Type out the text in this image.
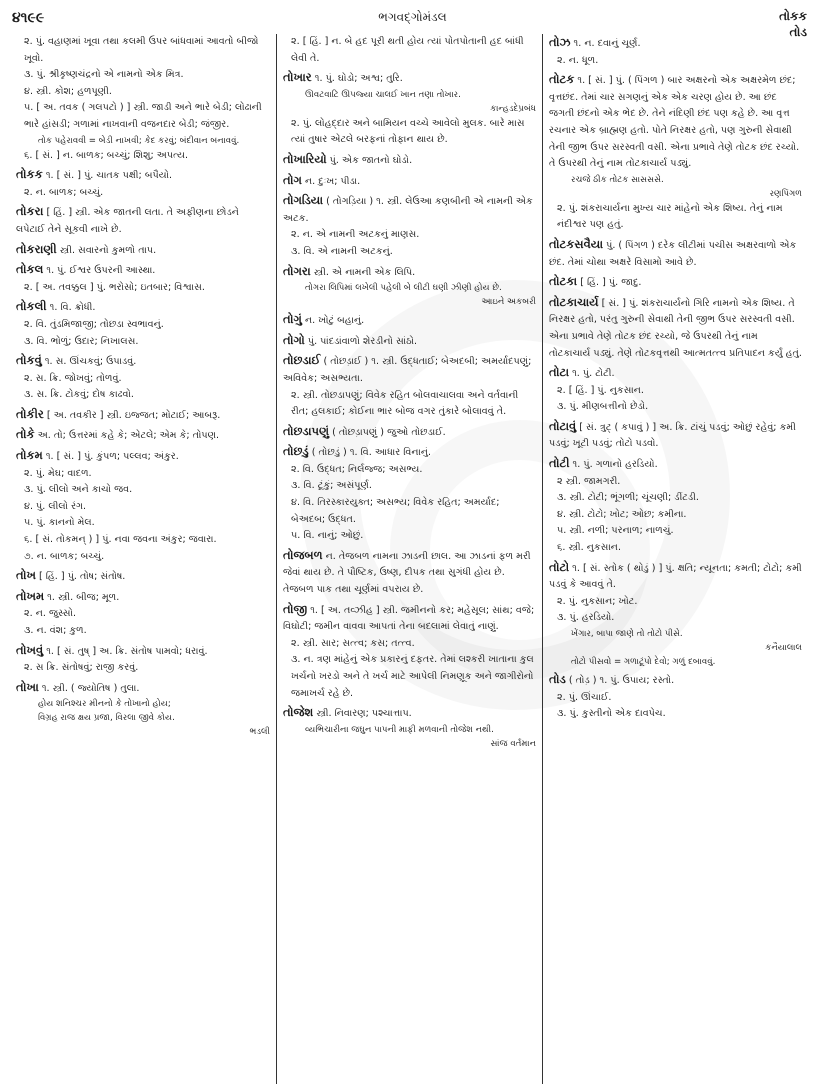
૪૧૯૯	ભગવદ્ગોમંડલ	તોકક
તોડ
૨. પું. વહાણમાં ખૂવા તથા કલમી ઉપર બાંધવામાં આવતો બીજો ખૂવો.
૩. પું. શ્રીકૃષ્ણચંદ્રનો એ નામનો એક મિત્ર.
૪. સ્ત્રી. કોશ; હળપૂણી.
૫. [ અ. તવક ( ગલપટો ) ] સ્ત્રી. જાડી અને ભારે બેડી; લોઢાની ભારે હાંસડી; ગળામાં નાખવાની વજનદાર બેડી; જંજીર.
તોક પહેરાવવી = બેડી નાખવી; કેદ કરવું; બંદીવાન બનાવવું.
૬. [ સં. ] ન. બાળક; બચ્ચું; શિશુ; અપત્ય.
તોકક ૧. [ સં. ] પું. ચાતક પક્ષી; બપૈયો.
૨. ન. બાળક; બચ્ચું.
તોકરા [ હિં. ] સ્ત્રી. એક જાતની લતા. તે અફીણના છોડને લપેટાઈ તેને સૂકવી નાખે છે.
તોકરાણી સ્ત્રી. સવારનો કુમળો તાપ.
તોકલ ૧. પું. ઈશ્વર ઉપરની આસ્થા.
૨. [ અ. તવક્કુલ ] પું. ભરોસો; ઇતબાર; વિશ્વાસ.
તોકલી ૧. વિ. ક્રોધી.
૨. વિ. તુંડમિજાજી; તોછડા સ્વભાવનું.
૩. વિ. ભોળું; ઉદાર; નિખાલસ.
તોકવું ૧. સ. ઊંચકવું; ઉપાડવું.
૨. સ. ક્રિ. જોખવું; તોળવું.
૩. સ. ક્રિ. ટોકવું; દોષ કાઢવો.
તોકીર [ અ. તવકીર ] સ્ત્રી. ઇજ્જત; મોટાઈ; આબરૂ.
તોકે અ. તો; ઉત્તરમાં કહે કે; એટલે; એમ કે; તોપણ.
તોકમ ૧. [ સં. ] પું. કુંપળ; પલ્લવ; અંકુર.
૨. પું. મેઘ; વાદળ.
૩. પું. લીલો અને કાચો જવ.
૪. પું. લીલો રંગ.
૫. પું. કાનનો મેલ.
૬. [ સં. તોકમન્ ) ] પું. નવા જવના અંકુર; જવારા.
૭. ન. બાળક; બચ્ચું.
તોખ [ હિં. ] પું. તોષ; સંતોષ.
તોખમ ૧. સ્ત્રી. બીજ; મૂળ.
૨. ન. જુસ્સો.
૩. ન. વંશ; કુળ.
તોખવું ૧. [ સં. તુષ્ ] અ. ક્રિ. સંતોષ પામવો; ધરાવું.
૨. સ ક્રિ. સંતોષવું; રાજી કરવું.
તોખા ૧. સ્ત્રી. ( જ્યોતિષ ) તુલા.
હોય શનિશ્ચર મીનનો કે તોખાનો હોય;
વિગ્રહ રાજ ક્ષય પ્રજા, વિરલા જીવે કોય.
ભડલી
૨. [ હિં. ] ન. બે હદ પૂરી થતી હોય ત્યાં પોતપોતાની હદ બાંધી લેવી તે.
તોખાર ૧. પું. ઘોડો; અશ્વ; તુરિ.
ઊવટવાટિ ઊપજ્યા ચાલઈ ખાન તણા તોખાર.
કાન્હડદેપ્રબંધ
૨. પું. લોહદ્દાર અને બામિયન વચ્ચે આવેલો મુલક. બારે માસ ત્યાં તુષાર એટલે બરફનાં તોફાન થાય છે.
તોખારિયો પું. એક જાતનો ઘોડો.
તોગ ન. દુઃખ; પીડા.
તોગડિયા ( તોગડ઼િયા ) ૧. સ્ત્રી. લેઉઆ કણબીની એ નામની એક અટક.
૨. ન. એ નામની અટકનું માણસ.
૩. વિ. એ નામની અટકનું.
તોગરા સ્ત્રી. એ નામની એક લિપિ.
તોગરા લિપિમાં લખેલી પહેલી બે લીટી ઘણી ઝીણી હોય છે.
આઇને અકબરી
તોગું ન. ખોટું બહાનું.
તોગો પું. પાંદડાંવાળો શેરડીનો સાંઠો.
તોછડાઈ ( તોછડ઼ાઈ ) ૧. સ્ત્રી. ઉદ્ધતાઈ; બેઅદબી; અમર્યાદપણું; અવિવેક; અસભ્યતા.
૨. સ્ત્રી. તોછડાપણું; વિવેક રહિત બોલવાચાલવા અને વર્તવાની રીત; હલકાઈ; કોઈના ભાર બોજ વગર તુંકારે બોલાવવું તે.
તોછડાપણું ( તોછડ઼ાપણું ) જુઓ તોછડાઈ.
તોછડું ( તોછડ઼ું ) ૧. વિ. આધાર વિનાનું.
૨. વિ. ઉદ્ધત; નિર્લજ્જ; અસભ્ય.
૩. વિ. ટૂંકું; અસંપૂર્ણ.
૪. વિ. તિરસ્કારયુક્ત; અસભ્ય; વિવેક રહિત; અમર્યાદ; બેઅદબ; ઉદ્ધત.
૫. વિ. નાનું; ઓછું.
તોજબળ ન. તેજબળ નામના ઝાડની છાલ. આ ઝાડનાં ફળ મરી જેવાં થાય છે. તે પૌષ્ટિક, ઉષ્ણ, દીપક તથા સુગંધી હોય છે. તેજબળ પાક તથા ચૂર્ણમાં વપરાય છે.
તોજી ૧. [ અ. તવ્ઝીહ ] સ્ત્રી. જમીનનો કર; મહેસૂલ; સાંથ; વજે; વિઘોટી; જમીન વાવવા આપતાં તેના બદલામાં લેવાતું નાણું.
૨. સ્ત્રી. સાર; સત્ત્વ; કસ; તત્ત્વ.
૩. ન. ત્રણ માંહેનું એક પ્રકારનું દફતર. તેમાં લશ્કરી ખાતાના કુલ ખર્ચનો ખરડો અને તે ખર્ચ માટે આપેલી નિમણૂક અને જાગીરોનો જમાખર્ચ રહે છે.
તોજેશ સ્ત્રી. નિવારણ; પશ્ચાત્તાપ.
વ્યભિચારીના જઘુન પાપની માફી મળવાની તોજેશ નથી.
સાંજ વર્તમાન
તોઝ ૧. ન. દવાનું ચૂર્ણ.
૨. ન. ધૂળ.
તોટક ૧. [ સં. ] પું. ( પિંગળ ) બાર અક્ષરનો એક અક્ષરમેળ છંદ; વૃત્તછંદ. તેમાં ચાર સગણનું એક એક ચરણ હોય છે. આ છંદ જગતી છંદનો એક ભેદ છે. તેને નંદિણી છંદ પણ કહે છે. આ વૃત્ત રચનાર એક બ્રાહ્મણ હતો. પોતે નિરક્ષર હતો, પણ ગુરુની સેવાથી તેની જીભ ઉપર સરસ્વતી વસી. એના પ્રભાવે તેણે તોટક છંદ રચ્યો. તે ઉપરથી તેનું નામ તોટકાચાર્ય પડ્યું.
રચજે ઠીક તોટક સાસસસે.
રણપિંગળ
૨. પું. શંકરાચાર્યના મુખ્ય ચાર માંહેનો એક શિષ્ય. તેનું નામ નંદીશ્વર પણ હતું.
તોટકસવૈયા પું. ( પિંગળ ) દરેક લીટીમાં પચીસ અક્ષરવાળો એક છંદ. તેમાં ચોથા અક્ષરે વિસામો આવે છે.
તોટકા [ હિં. ] પું. જાદુ.
તોટકાચાર્ય [ સં. ] પું. શંકરાચાર્યનો ગિરિ નામનો એક શિષ્ય. તે નિરક્ષર હતો, પરંતુ ગુરુની સેવાથી તેની જીભ ઉપર સરસ્વતી વસી. એના પ્રભાવે તેણે તોટક છંદ રચ્યો, જે ઉપરથી તેનું નામ તોટકાચાર્ય પડ્યું. તેણે તોટકવૃત્તથી આત્મતત્ત્વ પ્રતિપાદન કર્યું હતું.
તોટા ૧. પું. ટોટી.
૨. [ હિં. ] પું. નુકસાન.
૩. પું. મીણબત્તીનો છેડો.
તોટાવું [ સં. ત્રુટ્ ( કપાવું ) ] અ. ક્રિ. ટાંચું પડવું; ઓછું રહેવું; કમી પડવું; ખૂટી પડવું; તોટો પડવો.
તોટી ૧. પું. ગળાનો હરડિયો.
૨ સ્ત્રી. જામગરી.
૩. સ્ત્રી. ટોટી; ભૂંગળી; ચૂંચણી; ડીંટડી.
૪. સ્ત્રી. ટોટો; ખોટ; ઓછ; કમીના.
૫. સ્ત્રી. નળી; પરનાળ; નાળચું.
૬. સ્ત્રી. નુકસાન.
તોટો ૧. [ સં. સ્તોક ( થોડું ) ] પું. ક્ષતિ; ન્યૂનતા; કમતી; ટોટો; કમી પડવું કે આવવું તે.
૨. પું. નુકસાન; ખોટ.
૩. પું. હરડિયો.
ખેંગાર, બાપા જાણે તો તોટો પીસે.
કનૈયાલાલ
તોટો પીસવો = ગળાટૂંપો દેવો; ગળું દબાવવું.
તોડ ( તોડ઼ ) ૧. પું. ઉપાય; રસ્તો.
૨. પું. ઊંચાઈ.
૩. પું. કુસ્તીનો એક દાવપેચ.
